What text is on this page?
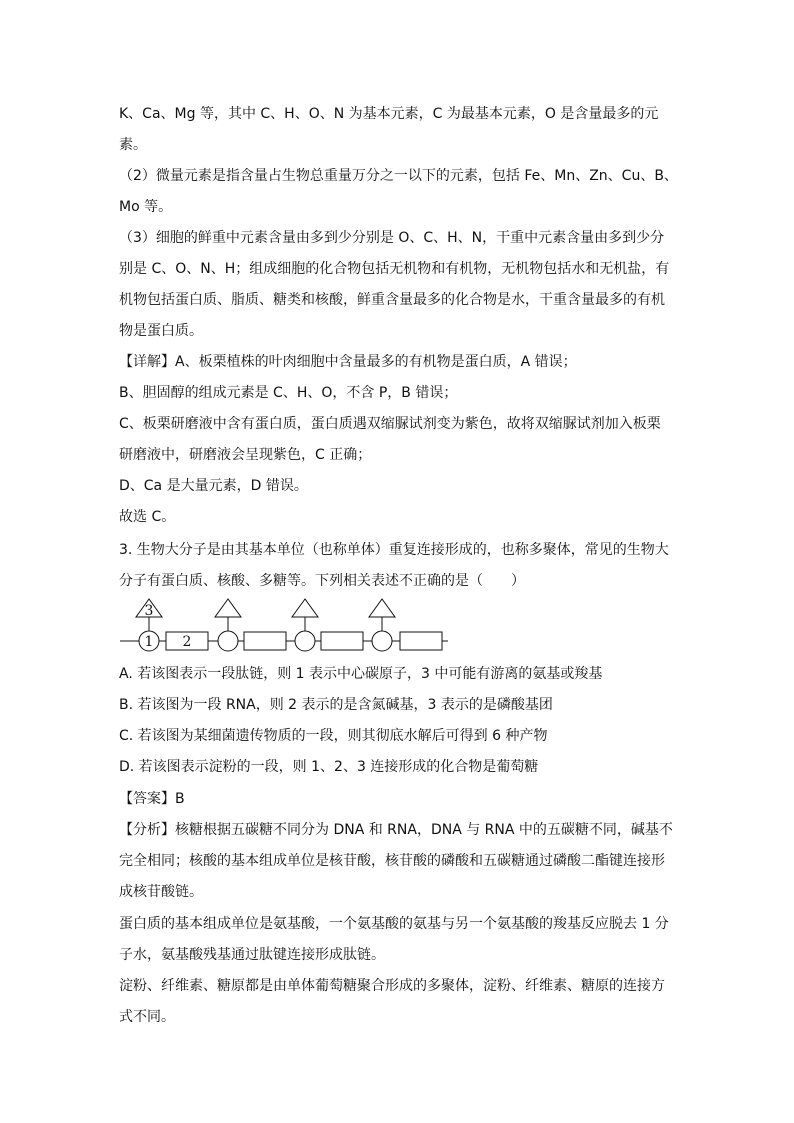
K、Ca、Mg 等，其中 C、H、O、N 为基本元素，C 为最基本元素，O 是含量最多的元
素。
（2）微量元素是指含量占生物总重量万分之一以下的元素，包括 Fe、Mn、Zn、Cu、B、
Mo 等。
（3）细胞的鲜重中元素含量由多到少分别是 O、C、H、N，干重中元素含量由多到少分
别是 C、O、N、H；组成细胞的化合物包括无机物和有机物，无机物包括水和无机盐，有
机物包括蛋白质、脂质、糖类和核酸，鲜重含量最多的化合物是水，干重含量最多的有机
物是蛋白质。
【详解】A、板栗植株的叶肉细胞中含量最多的有机物是蛋白质，A 错误；
B、胆固醇的组成元素是 C、H、O，不含 P，B 错误；
C、板栗研磨液中含有蛋白质，蛋白质遇双缩脲试剂变为紫色，故将双缩脲试剂加入板栗
研磨液中，研磨液会呈现紫色，C 正确；
D、Ca 是大量元素，D 错误。
故选 C。
3. 生物大分子是由其基本单位（也称单体）重复连接形成的，也称多聚体，常见的生物大
分子有蛋白质、核酸、多糖等。下列相关表述不正确的是（　　）
1 2
3
A. 若该图表示一段肽链，则 1 表示中心碳原子，3 中可能有游离的氨基或羧基
B. 若该图为一段 RNA，则 2 表示的是含氮碱基，3 表示的是磷酸基团
C. 若该图为某细菌遗传物质的一段，则其彻底水解后可得到 6 种产物
D. 若该图表示淀粉的一段，则 1、2、3 连接形成的化合物是葡萄糖
【答案】B
【分析】核糖根据五碳糖不同分为 DNA 和 RNA，DNA 与 RNA 中的五碳糖不同，碱基不
完全相同；核酸的基本组成单位是核苷酸，核苷酸的磷酸和五碳糖通过磷酸二酯键连接形
成核苷酸链。
蛋白质的基本组成单位是氨基酸，一个氨基酸的氨基与另一个氨基酸的羧基反应脱去 1 分
子水，氨基酸残基通过肽键连接形成肽链。
淀粉、纤维素、糖原都是由单体葡萄糖聚合形成的多聚体，淀粉、纤维素、糖原的连接方
式不同。
